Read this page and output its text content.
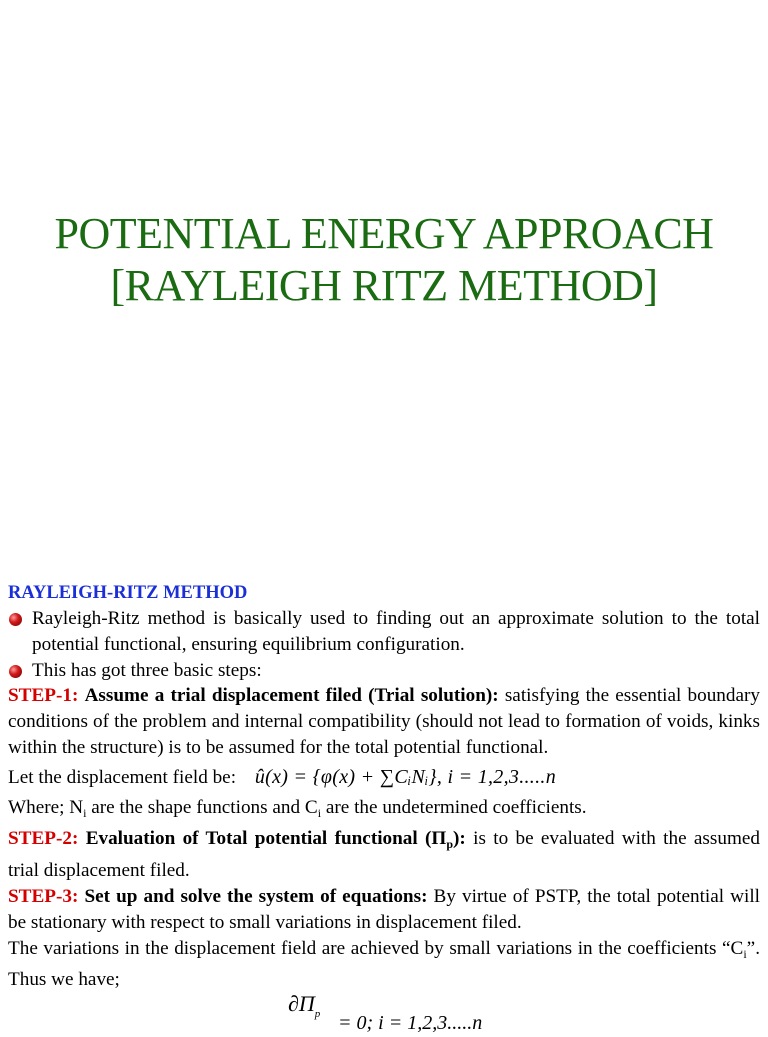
POTENTIAL ENERGY APPROACH
[RAYLEIGH RITZ METHOD]
RAYLEIGH-RITZ METHOD

Rayleigh-Ritz method is basically used to finding out an approximate solution to the total potential functional, ensuring equilibrium configuration.

This has got three basic steps:

STEP-1: Assume a trial displacement filed (Trial solution): satisfying the essential boundary conditions of the problem and internal compatibility (should not lead to formation of voids, kinks within the structure) is to be assumed for the total potential functional.

Let the displacement field be: û(x) = {φ(x) + ∑CᵢNᵢ}, i = 1,2,3.....n

Where; $N_i$ are the shape functions and $C_i$ are the undetermined coefficients.

STEP-2: Evaluation of Total potential functional $(\Pi_p)$: is to be evaluated with the assumed trial displacement filed.

STEP-3: Set up and solve the system of equations: By virtue of PSTP, the total potential will be stationary with respect to small variations in displacement filed.

The variations in the displacement field are achieved by small variations in the coefficients “$C_i$”. Thus we have;

$\partial\Pi_p = 0$; i = 1,2,3.....n
